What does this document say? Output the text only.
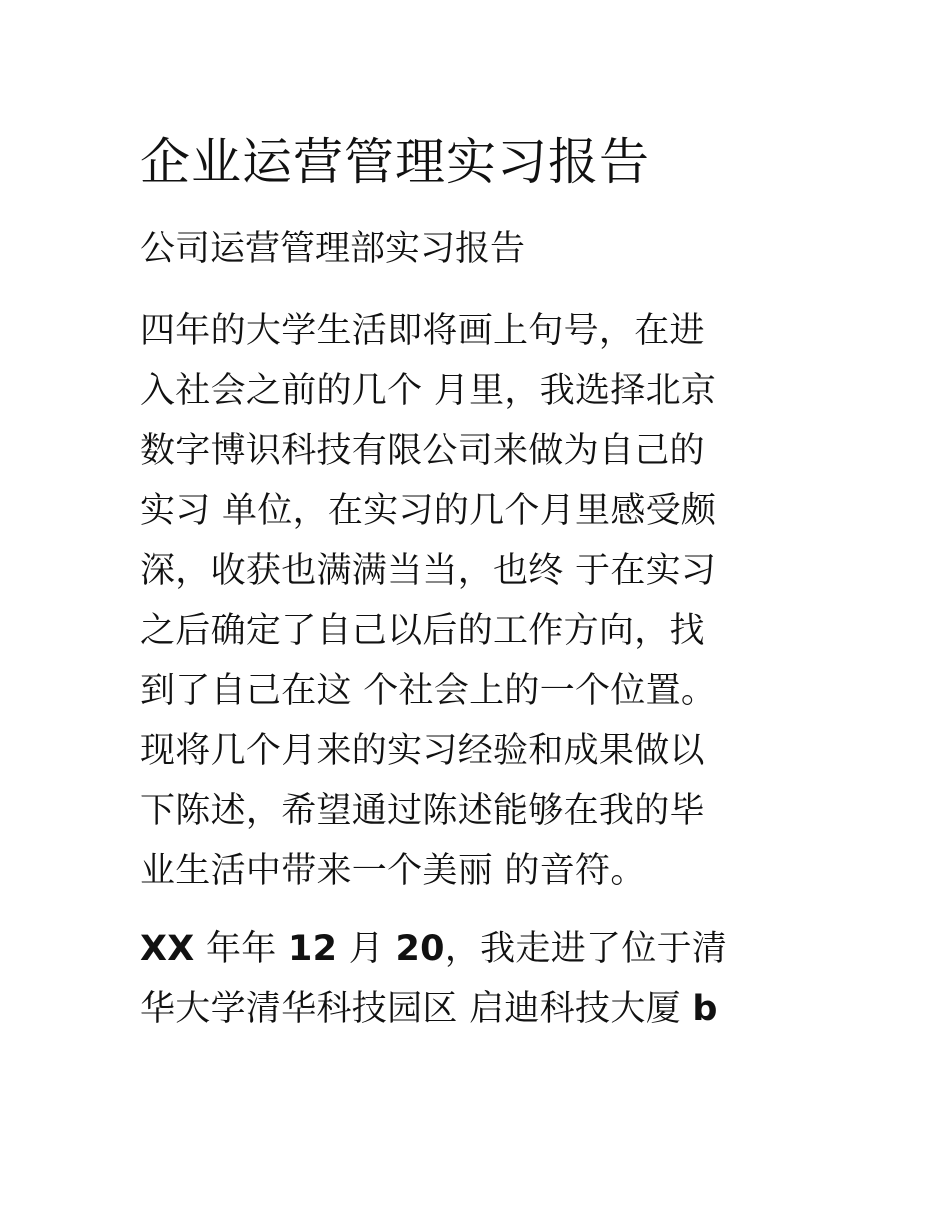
企业运营管理实习报告
公司运营管理部实习报告
四年的大学生活即将画上句号，在进
入社会之前的几个 月里，我选择北京
数字博识科技有限公司来做为自己的
实习 单位，在实习的几个月里感受颇
深，收获也满满当当，也终 于在实习
之后确定了自己以后的工作方向，找
到了自己在这 个社会上的一个位置。
现将几个月来的实习经验和成果做以
下陈述，希望通过陈述能够在我的毕
业生活中带来一个美丽 的音符。
XX 年年 12 月 20，我走进了位于清
华大学清华科技园区 启迪科技大厦 b
